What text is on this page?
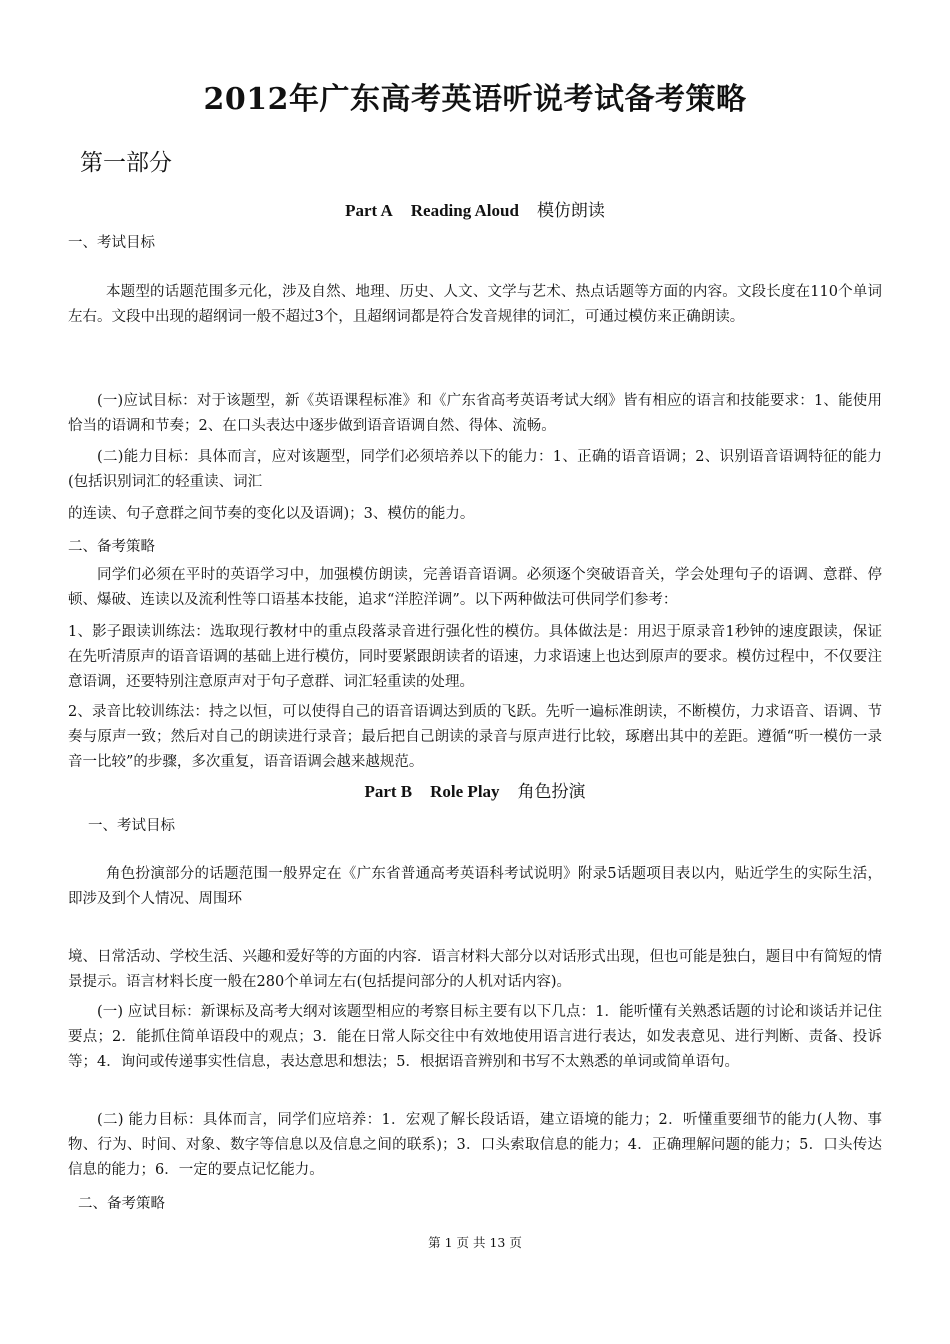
2012年广东高考英语听说考试备考策略
第一部分
Part A Reading Aloud 模仿朗读
一、考试目标
本题型的话题范围多元化，涉及自然、地理、历史、人文、文学与艺术、热点话题等方面的内容。文段长度在110个单词左右。文段中出现的超纲词一般不超过3个，且超纲词都是符合发音规律的词汇，可通过模仿来正确朗读。
(一)应试目标：对于该题型，新《英语课程标准》和《广东省高考英语考试大纲》皆有相应的语言和技能要求：1、能使用恰当的语调和节奏；2、在口头表达中逐步做到语音语调自然、得体、流畅。
(二)能力目标：具体而言，应对该题型，同学们必须培养以下的能力：1、正确的语音语调；2、识别语音语调特征的能力(包括识别词汇的轻重读、词汇
的连读、句子意群之间节奏的变化以及语调)；3、模仿的能力。
二、备考策略
同学们必须在平时的英语学习中，加强模仿朗读，完善语音语调。必须逐个突破语音关，学会处理句子的语调、意群、停顿、爆破、连读以及流利性等口语基本技能，追求“洋腔洋调”。以下两种做法可供同学们参考：
1、影子跟读训练法：选取现行教材中的重点段落录音进行强化性的模仿。具体做法是：用迟于原录音1秒钟的速度跟读，保证在先听清原声的语音语调的基础上进行模仿，同时要紧跟朗读者的语速，力求语速上也达到原声的要求。模仿过程中，不仅要注意语调，还要特别注意原声对于句子意群、词汇轻重读的处理。
2、录音比较训练法：持之以恒，可以使得自己的语音语调达到质的飞跃。先听一遍标准朗读，不断模仿，力求语音、语调、节奏与原声一致；然后对自己的朗读进行录音；最后把自己朗读的录音与原声进行比较，琢磨出其中的差距。遵循“听一模仿一录音一比较”的步骤，多次重复，语音语调会越来越规范。
Part B Role Play 角色扮演
一、考试目标
角色扮演部分的话题范围一般界定在《广东省普通高考英语科考试说明》附录5话题项目表以内，贴近学生的实际生活，即涉及到个人情况、周围环
境、日常活动、学校生活、兴趣和爱好等的方面的内容．语言材料大部分以对话形式出现，但也可能是独白，题目中有简短的情景提示。语言材料长度一般在280个单词左右(包括提问部分的人机对话内容)。
(一) 应试目标：新课标及高考大纲对该题型相应的考察目标主要有以下几点：1．能听懂有关熟悉话题的讨论和谈话并记住要点；2．能抓住简单语段中的观点；3．能在日常人际交往中有效地使用语言进行表达，如发表意见、进行判断、责备、投诉等；4．询问或传递事实性信息，表达意思和想法；5．根据语音辨别和书写不太熟悉的单词或简单语句。
(二) 能力目标：具体而言，同学们应培养：1．宏观了解长段话语，建立语境的能力；2．听懂重要细节的能力(人物、事物、行为、时间、对象、数字等信息以及信息之间的联系)；3．口头索取信息的能力；4．正确理解问题的能力；5．口头传达信息的能力；6．一定的要点记忆能力。
二、备考策略
第 1 页 共 13 页
